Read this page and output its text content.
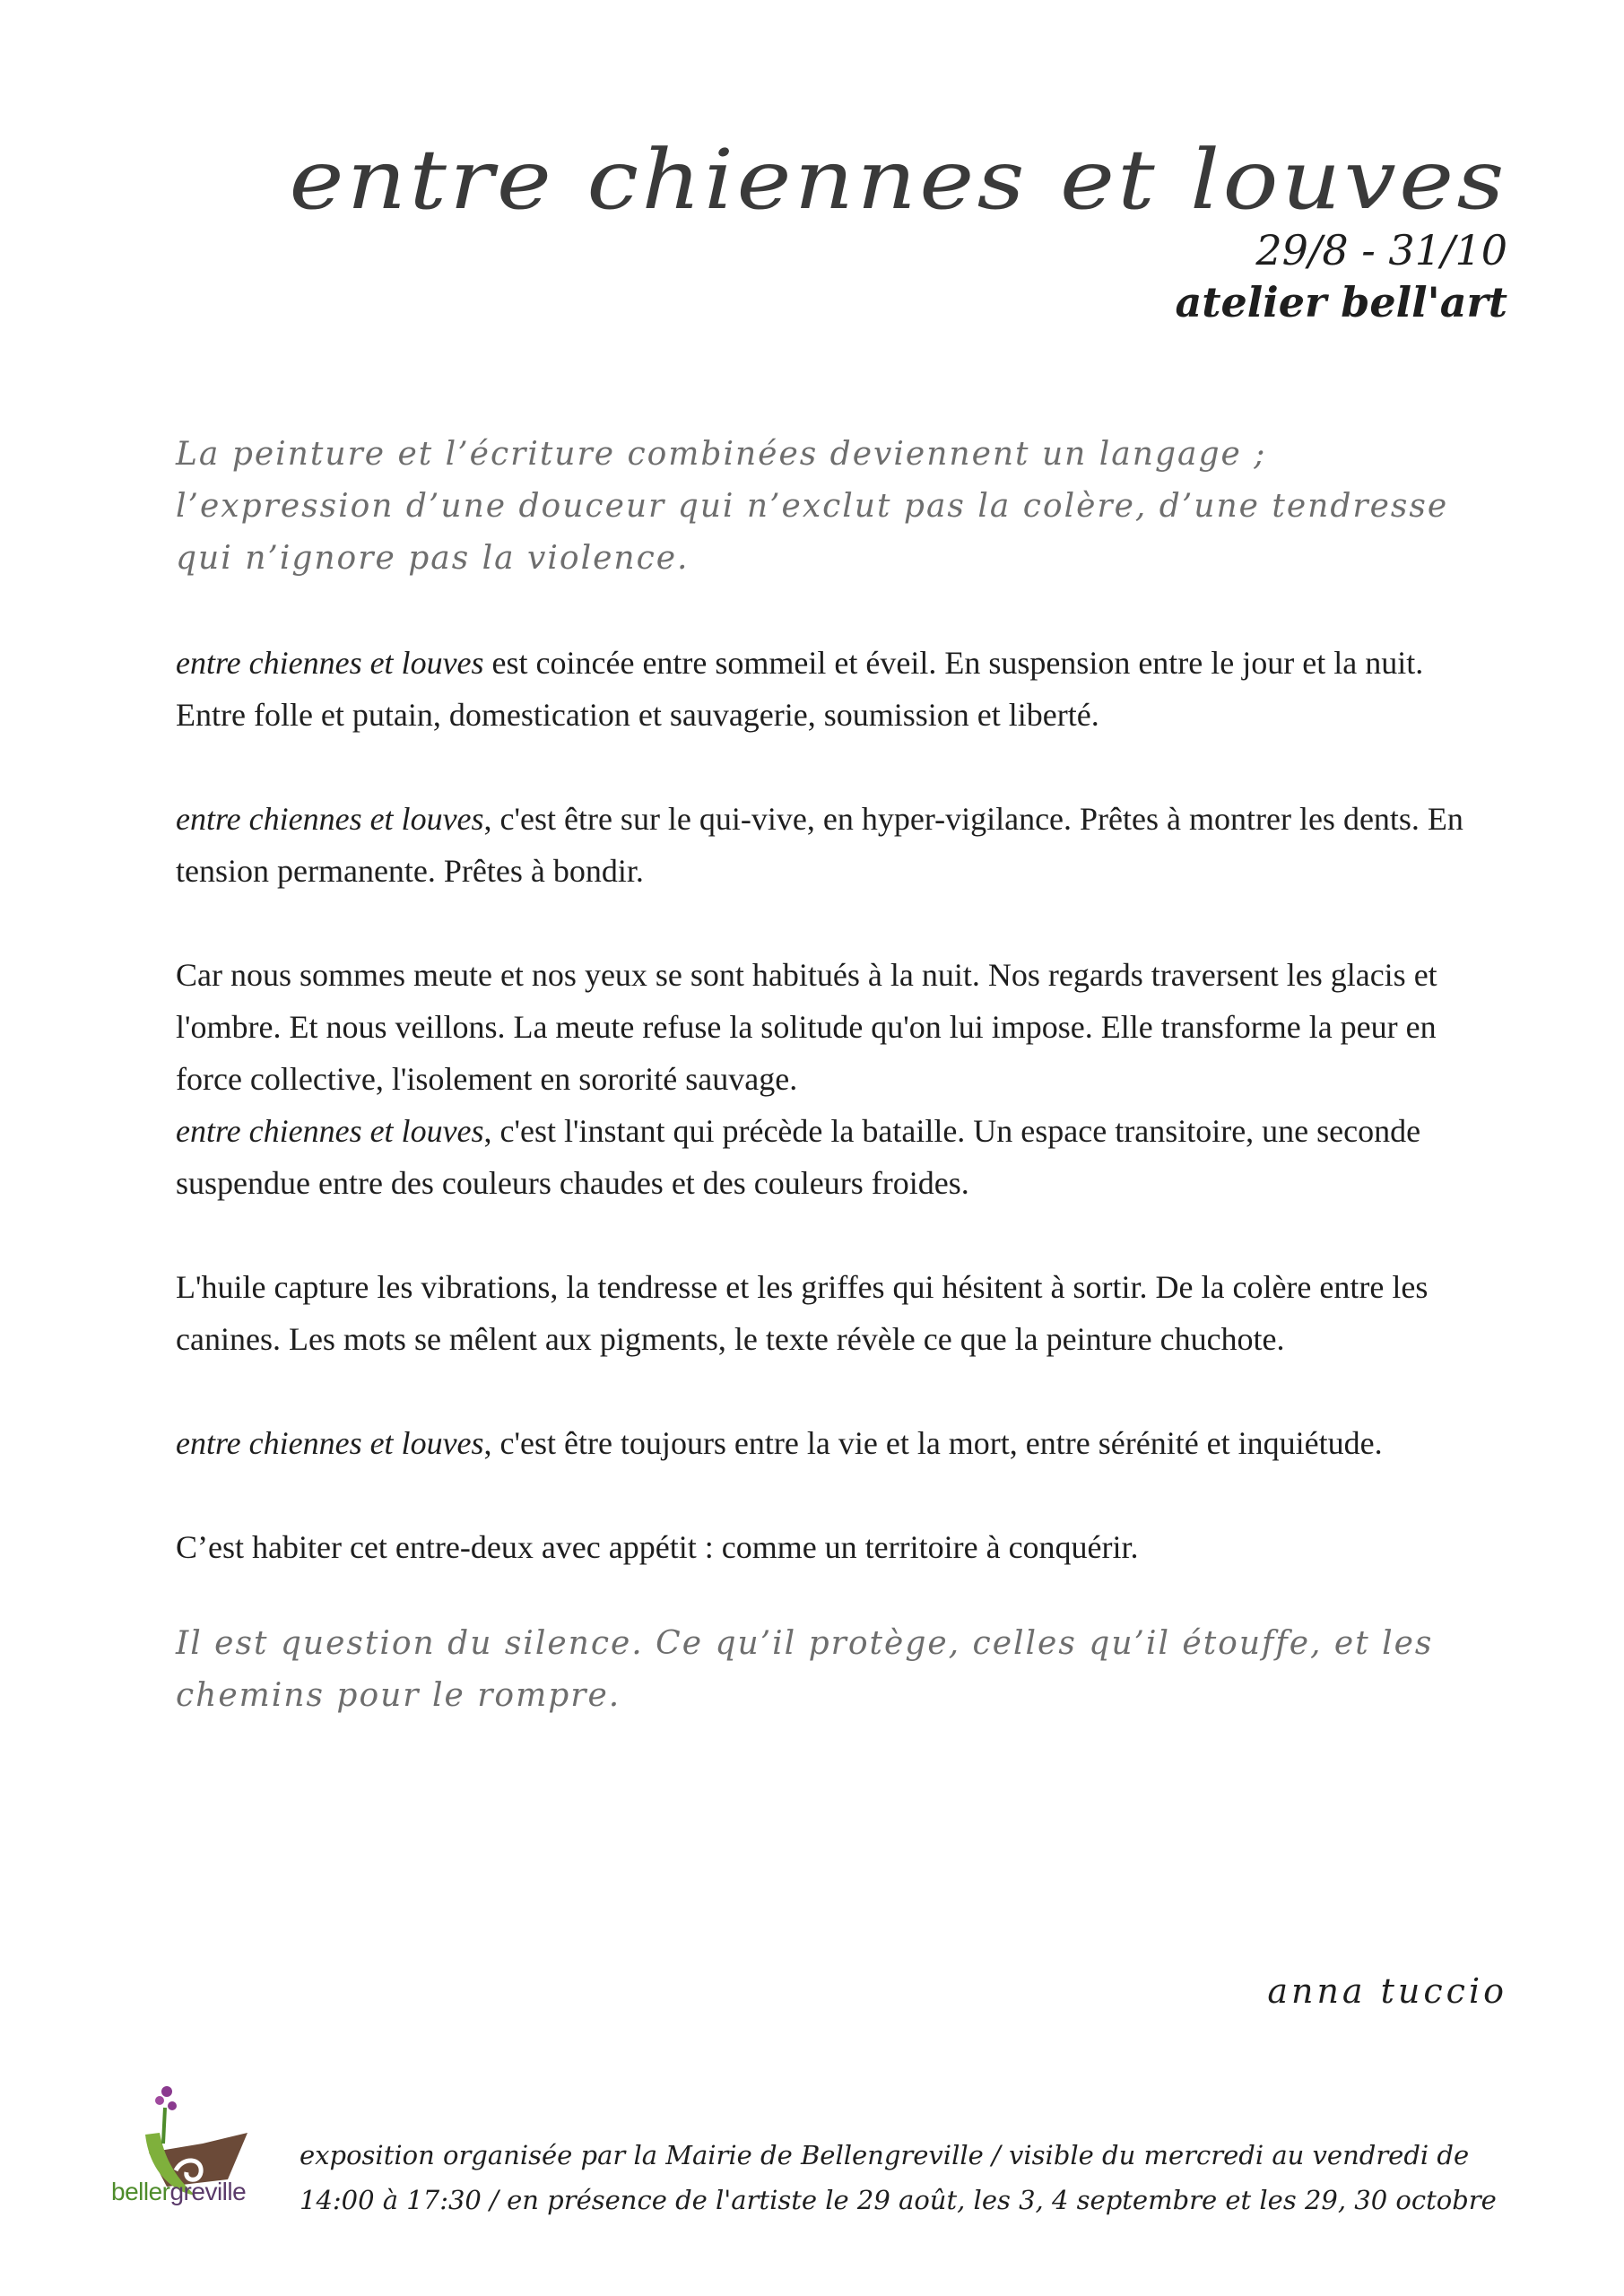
entre chiennes et louves
29/8 - 31/10
atelier bell'art

La peinture et l’écriture combinées deviennent un langage ; l’expression d’une douceur qui n’exclut pas la colère, d’une tendresse qui n’ignore pas la violence.

entre chiennes et louves est coincée entre sommeil et éveil. En suspension entre le jour et la nuit. Entre folle et putain, domestication et sauvagerie, soumission et liberté.

entre chiennes et louves, c'est être sur le qui-vive, en hyper-vigilance. Prêtes à montrer les dents. En tension permanente. Prêtes à bondir.

Car nous sommes meute et nos yeux se sont habitués à la nuit. Nos regards traversent les glacis et l'ombre. Et nous veillons. La meute refuse la solitude qu'on lui impose. Elle transforme la peur en force collective, l'isolement en sororité sauvage.

entre chiennes et louves, c'est l'instant qui précède la bataille. Un espace transitoire, une seconde suspendue entre des couleurs chaudes et des couleurs froides.

L'huile capture les vibrations, la tendresse et les griffes qui hésitent à sortir. De la colère entre les canines. Les mots se mêlent aux pigments, le texte révèle ce que la peinture chuchote.

entre chiennes et louves, c'est être toujours entre la vie et la mort, entre sérénité et inquiétude.

C’est habiter cet entre-deux avec appétit : comme un territoire à conquérir.

Il est question du silence. Ce qu’il protège, celles qu’il étouffe, et les chemins pour le rompre.

anna tuccio
bellergreville
exposition organisée par la Mairie de Bellengreville / visible du mercredi au vendredi de 14:00 à 17:30 / en présence de l'artiste le 29 août, les 3, 4 septembre et les 29, 30 octobre
